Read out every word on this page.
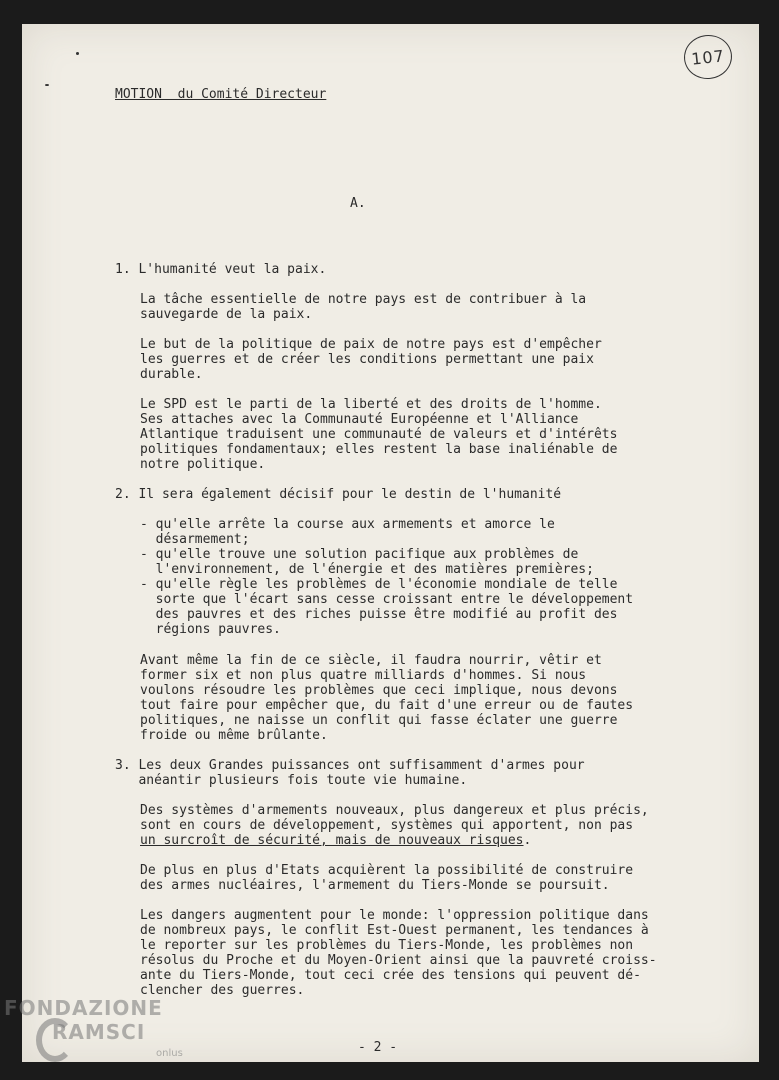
107

MOTION  du Comité Directeur

A.

1. L'humanité veut la paix.

La tâche essentielle de notre pays est de contribuer à la

sauvegarde de la paix.

Le but de la politique de paix de notre pays est d'empêcher

les guerres et de créer les conditions permettant une paix

durable.

Le SPD est le parti de la liberté et des droits de l'homme.

Ses attaches avec la Communauté Européenne et l'Alliance

Atlantique traduisent une communauté de valeurs et d'intérêts

politiques fondamentaux; elles restent la base inaliénable de

notre politique.

2. Il sera également décisif pour le destin de l'humanité

- qu'elle arrête la course aux armements et amorce le

désarmement;

- qu'elle trouve une solution pacifique aux problèmes de

l'environnement, de l'énergie et des matières premières;

- qu'elle règle les problèmes de l'économie mondiale de telle

sorte que l'écart sans cesse croissant entre le développement

des pauvres et des riches puisse être modifié au profit des

régions pauvres.

Avant même la fin de ce siècle, il faudra nourrir, vêtir et

former six et non plus quatre milliards d'hommes. Si nous

voulons résoudre les problèmes que ceci implique, nous devons

tout faire pour empêcher que, du fait d'une erreur ou de fautes

politiques, ne naisse un conflit qui fasse éclater une guerre

froide ou même brûlante.

3. Les deux Grandes puissances ont suffisamment d'armes pour

anéantir plusieurs fois toute vie humaine.

Des systèmes d'armements nouveaux, plus dangereux et plus précis,

sont en cours de développement, systèmes qui apportent, non pas

un surcroît de sécurité, mais de nouveaux risques.

De plus en plus d'Etats acquièrent la possibilité de construire

des armes nucléaires, l'armement du Tiers-Monde se poursuit.

Les dangers augmentent pour le monde: l'oppression politique dans

de nombreux pays, le conflit Est-Ouest permanent, les tendances à

le reporter sur les problèmes du Tiers-Monde, les problèmes non

résolus du Proche et du Moyen-Orient ainsi que la pauvreté croiss-

ante du Tiers-Monde, tout ceci crée des tensions qui peuvent dé-

clencher des guerres.

- 2 -

FONDAZIONE
RAMSCI
onlus
